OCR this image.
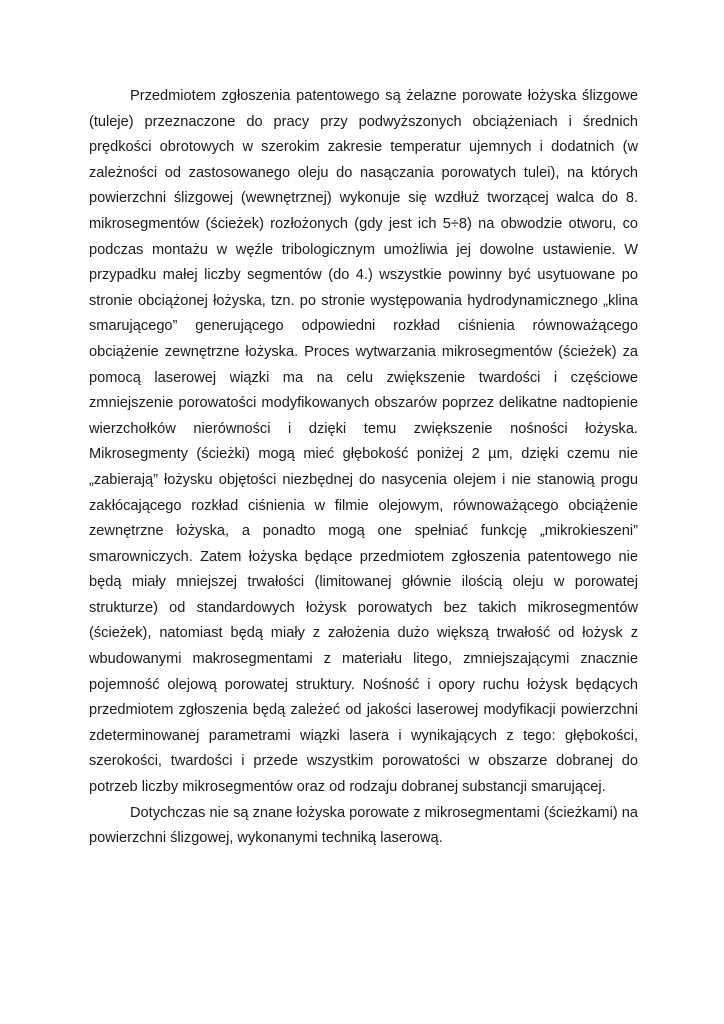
Przedmiotem zgłoszenia patentowego są żelazne porowate łożyska ślizgowe
(tuleje) przeznaczone do pracy przy podwyższonych obciążeniach i średnich
prędkości obrotowych w szerokim zakresie temperatur ujemnych i dodatnich (w
zależności od zastosowanego oleju do nasączania porowatych tulei), na których
powierzchni ślizgowej (wewnętrznej) wykonuje się wzdłuż tworzącej walca do 8.
mikrosegmentów (ścieżek) rozłożonych (gdy jest ich 5÷8) na obwodzie otworu, co
podczas montażu w węźle tribologicznym umożliwia jej dowolne ustawienie. W
przypadku małej liczby segmentów (do 4.) wszystkie powinny być usytuowane po
stronie obciążonej łożyska, tzn. po stronie występowania hydrodynamicznego „klina
smarującego” generującego odpowiedni rozkład ciśnienia równoważącego
obciążenie zewnętrzne łożyska. Proces wytwarzania mikrosegmentów (ścieżek) za
pomocą laserowej wiązki ma na celu zwiększenie twardości i częściowe
zmniejszenie porowatości modyfikowanych obszarów poprzez delikatne nadtopienie
wierzchołków nierówności i dzięki temu zwiększenie nośności łożyska.
Mikrosegmenty (ścieżki) mogą mieć głębokość poniżej 2 µm, dzięki czemu nie
„zabierają” łożysku objętości niezbędnej do nasycenia olejem i nie stanowią progu
zakłócającego rozkład ciśnienia w filmie olejowym, równoważącego obciążenie
zewnętrzne łożyska, a ponadto mogą one spełniać funkcję „mikrokieszeni”
smarowniczych. Zatem łożyska będące przedmiotem zgłoszenia patentowego nie
będą miały mniejszej trwałości (limitowanej głównie ilością oleju w porowatej
strukturze) od standardowych łożysk porowatych bez takich mikrosegmentów
(ścieżek), natomiast będą miały z założenia dużo większą trwałość od łożysk z
wbudowanymi makrosegmentami z materiału litego, zmniejszającymi znacznie
pojemność olejową porowatej struktury. Nośność i opory ruchu łożysk będących
przedmiotem zgłoszenia będą zależeć od jakości laserowej modyfikacji powierzchni
zdeterminowanej parametrami wiązki lasera i wynikających z tego: głębokości,
szerokości, twardości i przede wszystkim porowatości w obszarze dobranej do
potrzeb liczby mikrosegmentów oraz od rodzaju dobranej substancji smarującej.
Dotychczas nie są znane łożyska porowate z mikrosegmentami (ścieżkami) na
powierzchni ślizgowej, wykonanymi techniką laserową.
